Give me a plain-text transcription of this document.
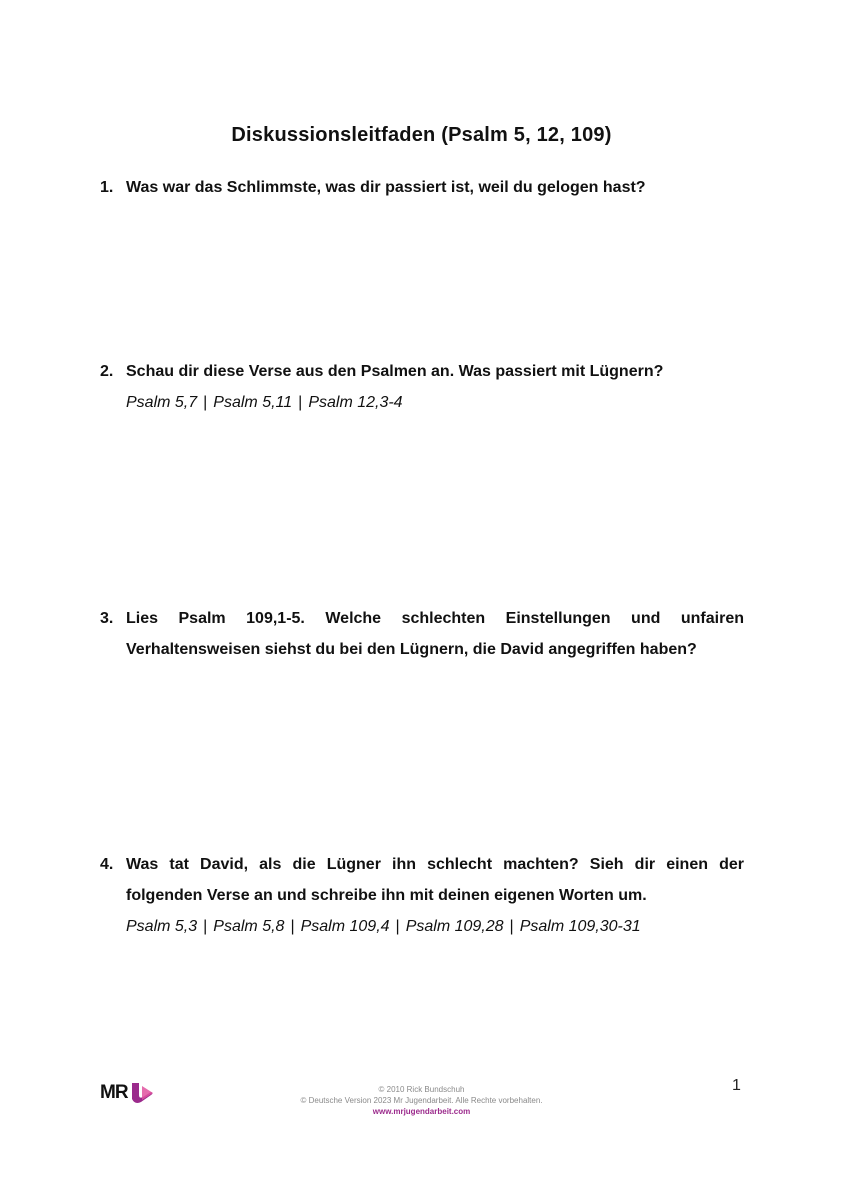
Diskussionsleitfaden (Psalm 5, 12, 109)
1. Was war das Schlimmste, was dir passiert ist, weil du gelogen hast?
2. Schau dir diese Verse aus den Psalmen an. Was passiert mit Lügnern?
Psalm 5,7 | Psalm 5,11 | Psalm 12,3-4
3. Lies Psalm 109,1-5. Welche schlechten Einstellungen und unfairen Verhaltensweisen siehst du bei den Lügnern, die David angegriffen haben?
4. Was tat David, als die Lügner ihn schlecht machten? Sieh dir einen der folgenden Verse an und schreibe ihn mit deinen eigenen Worten um.
Psalm 5,3 | Psalm 5,8 | Psalm 109,4 | Psalm 109,28 | Psalm 109,30-31
MR	© 2010 Rick Bundschuh
© Deutsche Version 2023 Mr Jugendarbeit. Alle Rechte vorbehalten.
www.mrjugendarbeit.com
1
